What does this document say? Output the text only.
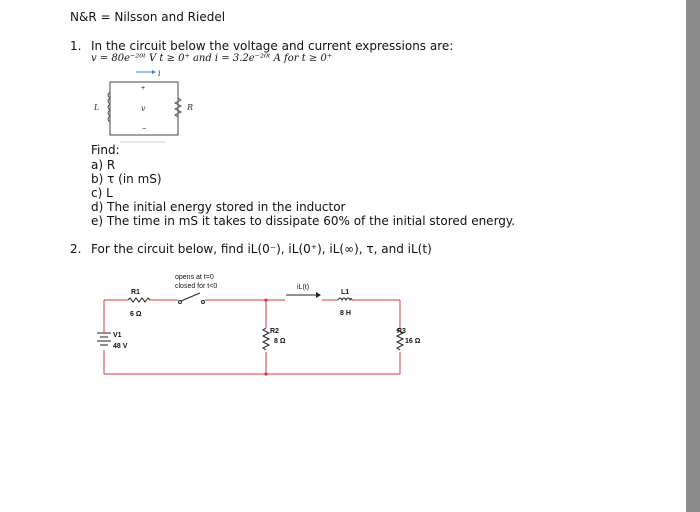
N&R = Nilsson and Riedel
1. In the circuit below the voltage and current expressions are:
v = 80e⁻²⁰ᵗ V t ≥ 0⁺ and i = 3.2e⁻²⁰ᵗ A for t ≥ 0⁺
L	R
v
i
+
−
Find:
a) R
b) τ (in mS)
c) L
d) The initial energy stored in the inductor
e) The time in mS it takes to dissipate 60% of the initial stored energy.
2. For the circuit below, find iL(0⁻), iL(0⁺), iL(∞), τ, and iL(t)
opens at t=0
closed for t<0
R1
6 Ω
V1
48 V
R2
8 Ω
iL(t)
L1
8 H
R3
16 Ω
